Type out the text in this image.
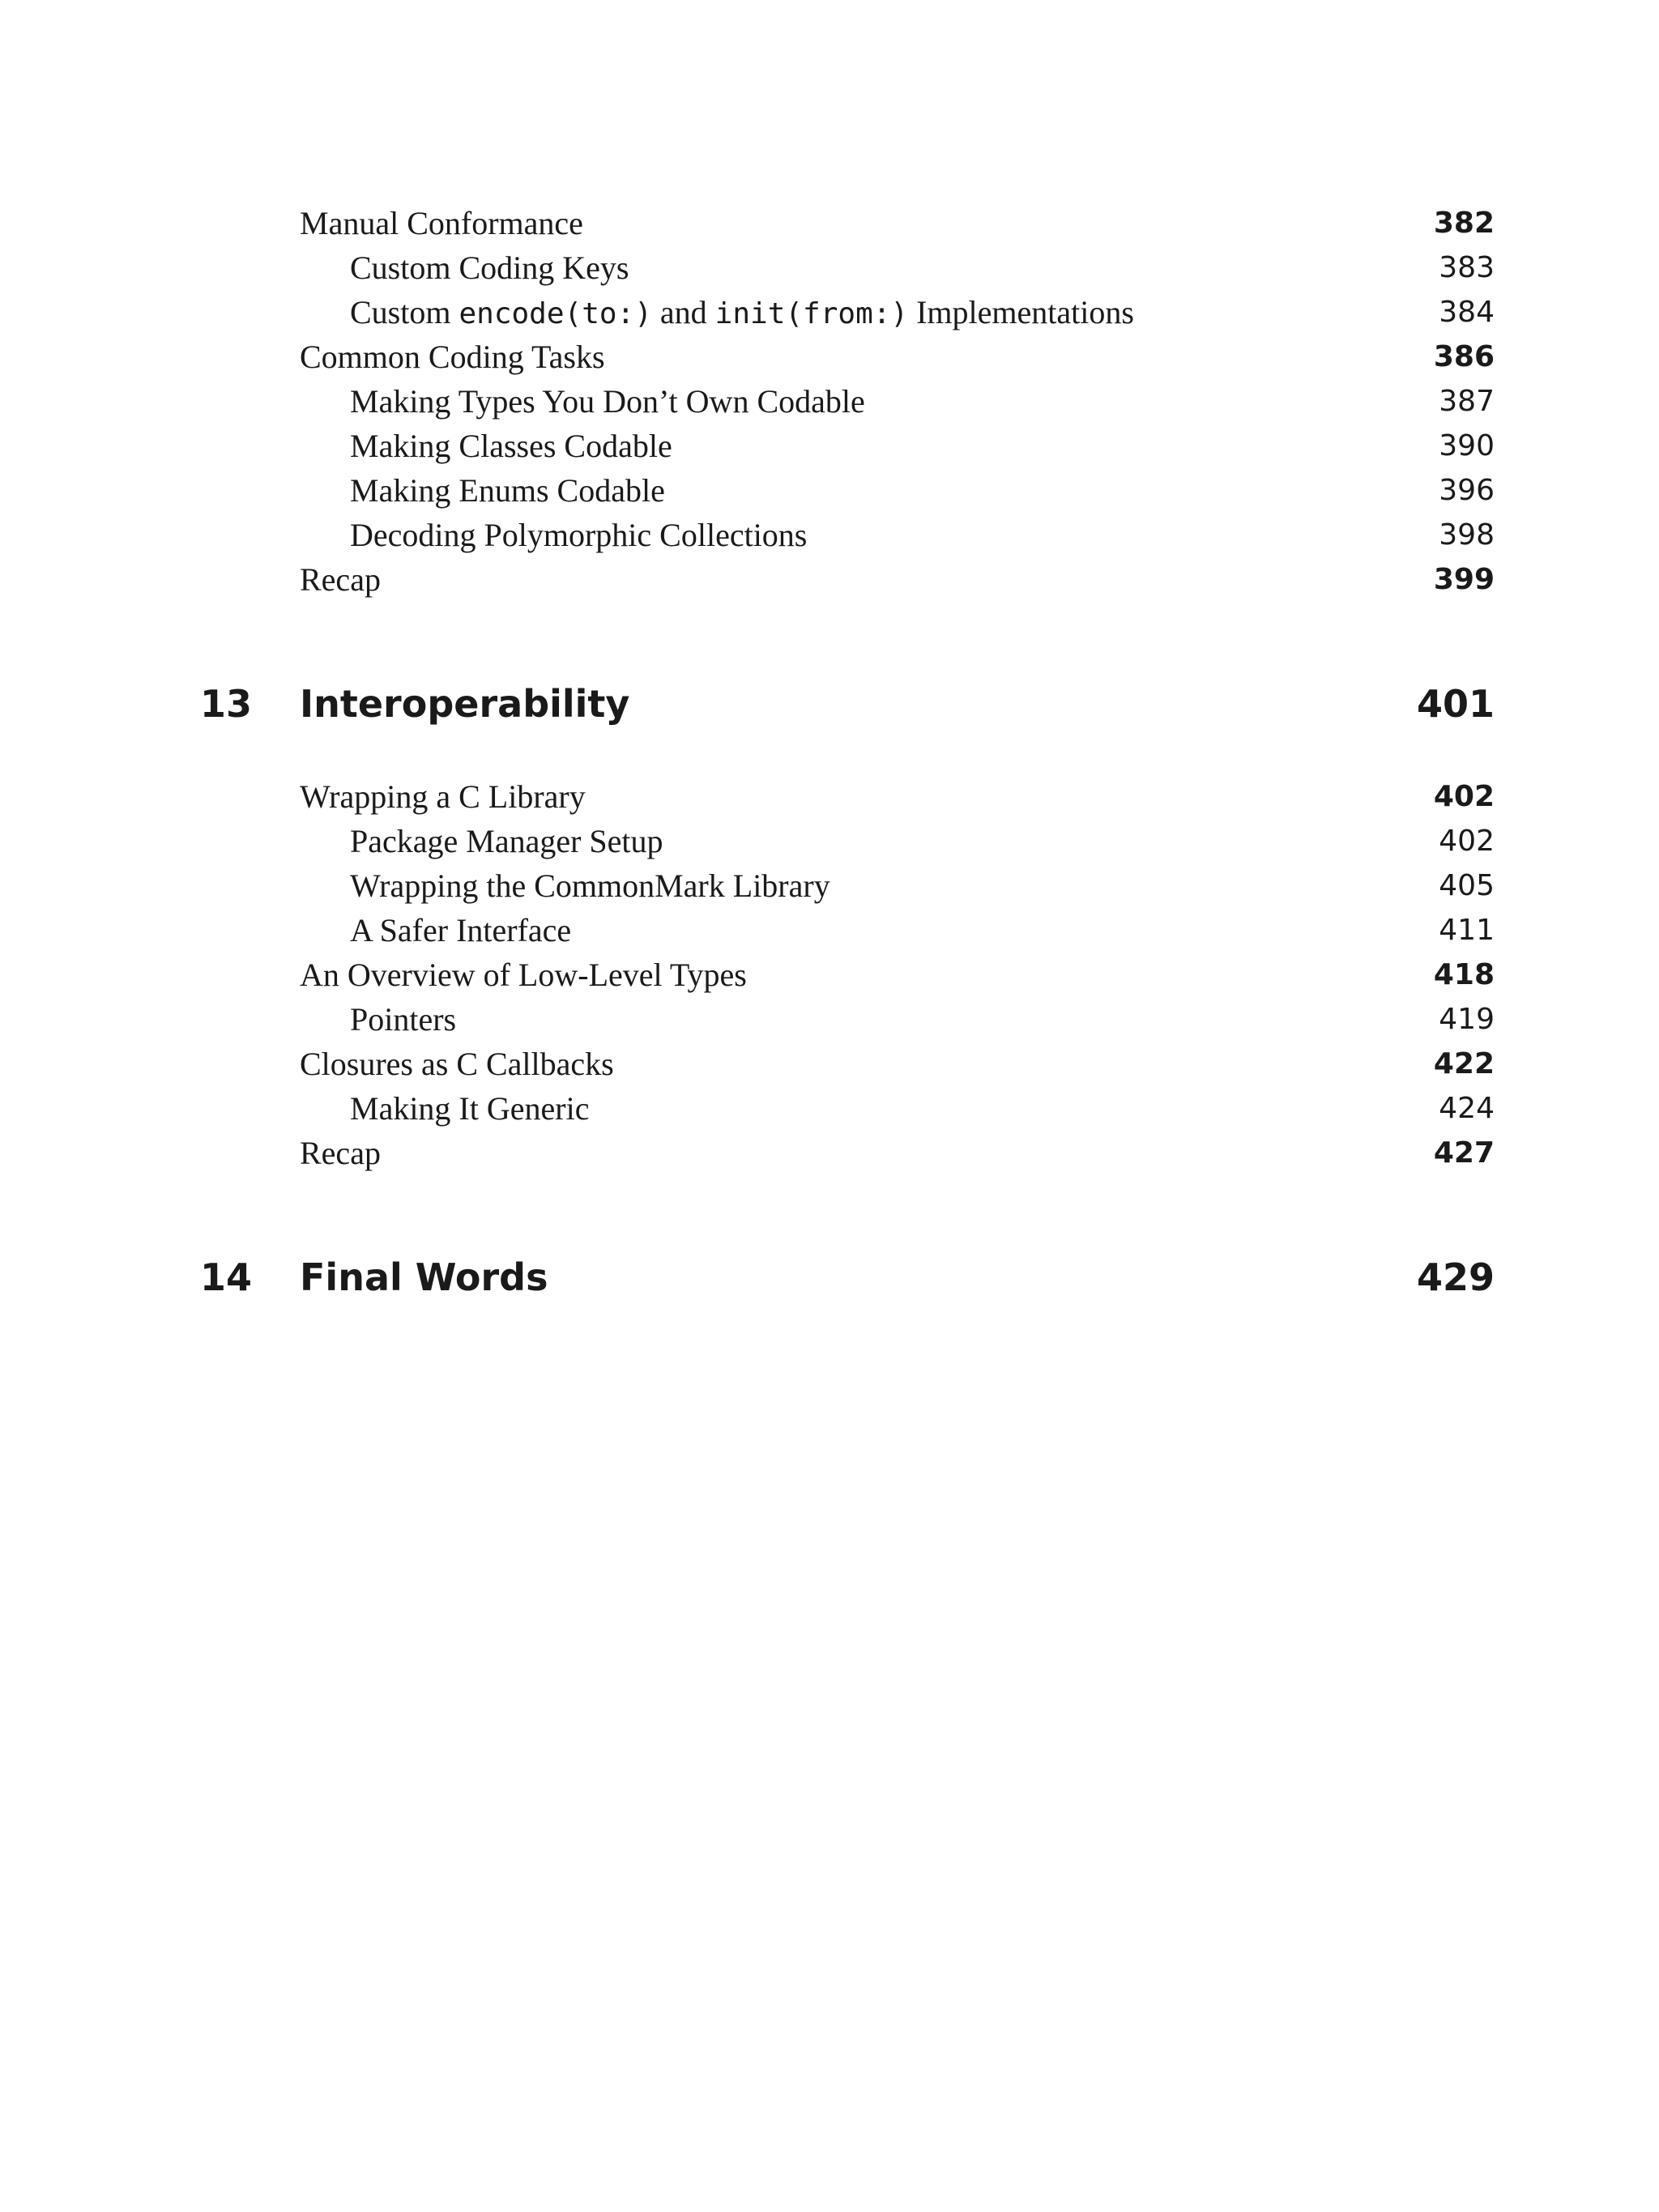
Manual Conformance	382
Custom Coding Keys	383
Custom encode(to:) and init(from:) Implementations	384
Common Coding Tasks	386
Making Types You Don’t Own Codable	387
Making Classes Codable	390
Making Enums Codable	396
Decoding Polymorphic Collections	398
Recap	399
13 Interoperability	401
Wrapping a C Library	402
Package Manager Setup	402
Wrapping the CommonMark Library	405
A Safer Interface	411
An Overview of Low-Level Types	418
Pointers	419
Closures as C Callbacks	422
Making It Generic	424
Recap	427
14 Final Words	429
